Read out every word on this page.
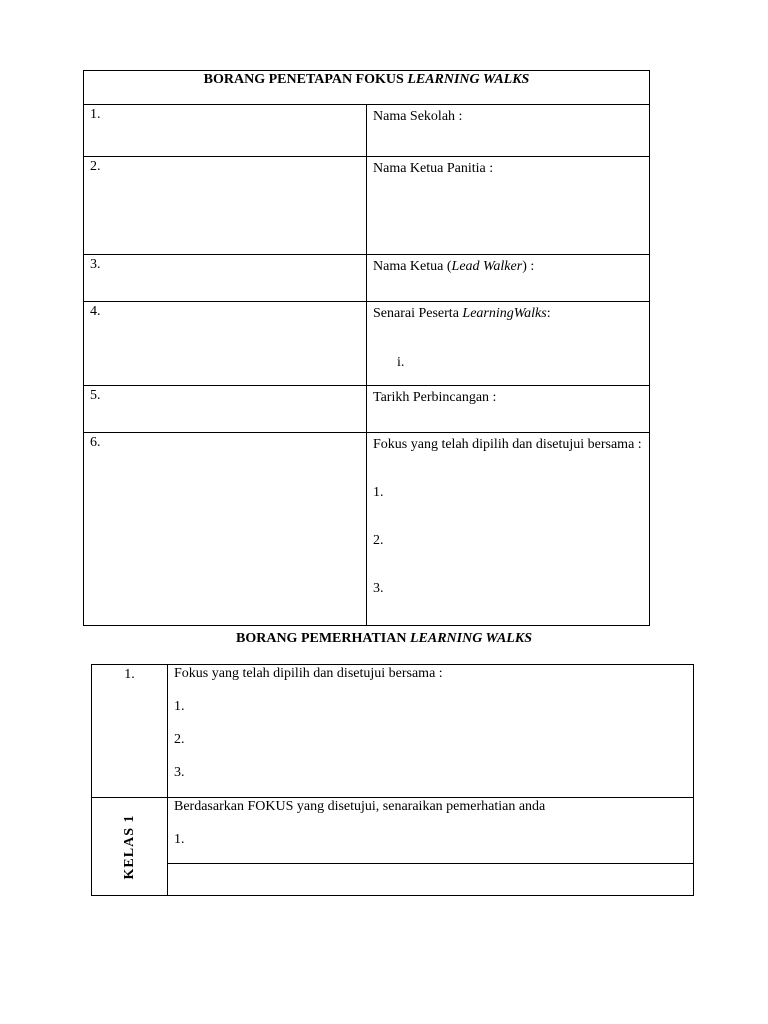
BORANG PENETAPAN FOKUS LEARNING WALKS	
1.	Nama Sekolah :
2.	Nama Ketua Panitia :
3.	Nama Ketua (Lead Walker) :
4.	Senarai Peserta LearningWalks:
i.

5.	Tarikh Perbincangan :
6.	Fokus yang telah dipilih dan disetujui bersama :
1.
2.
3.
BORANG PEMERHATIAN LEARNING WALKS
1.	Fokus yang telah dipilih dan disetujui bersama :
1.
2.
3.

KELAS 1	Berdasarkan FOKUS yang disetujui, senaraikan pemerhatian anda
1.
